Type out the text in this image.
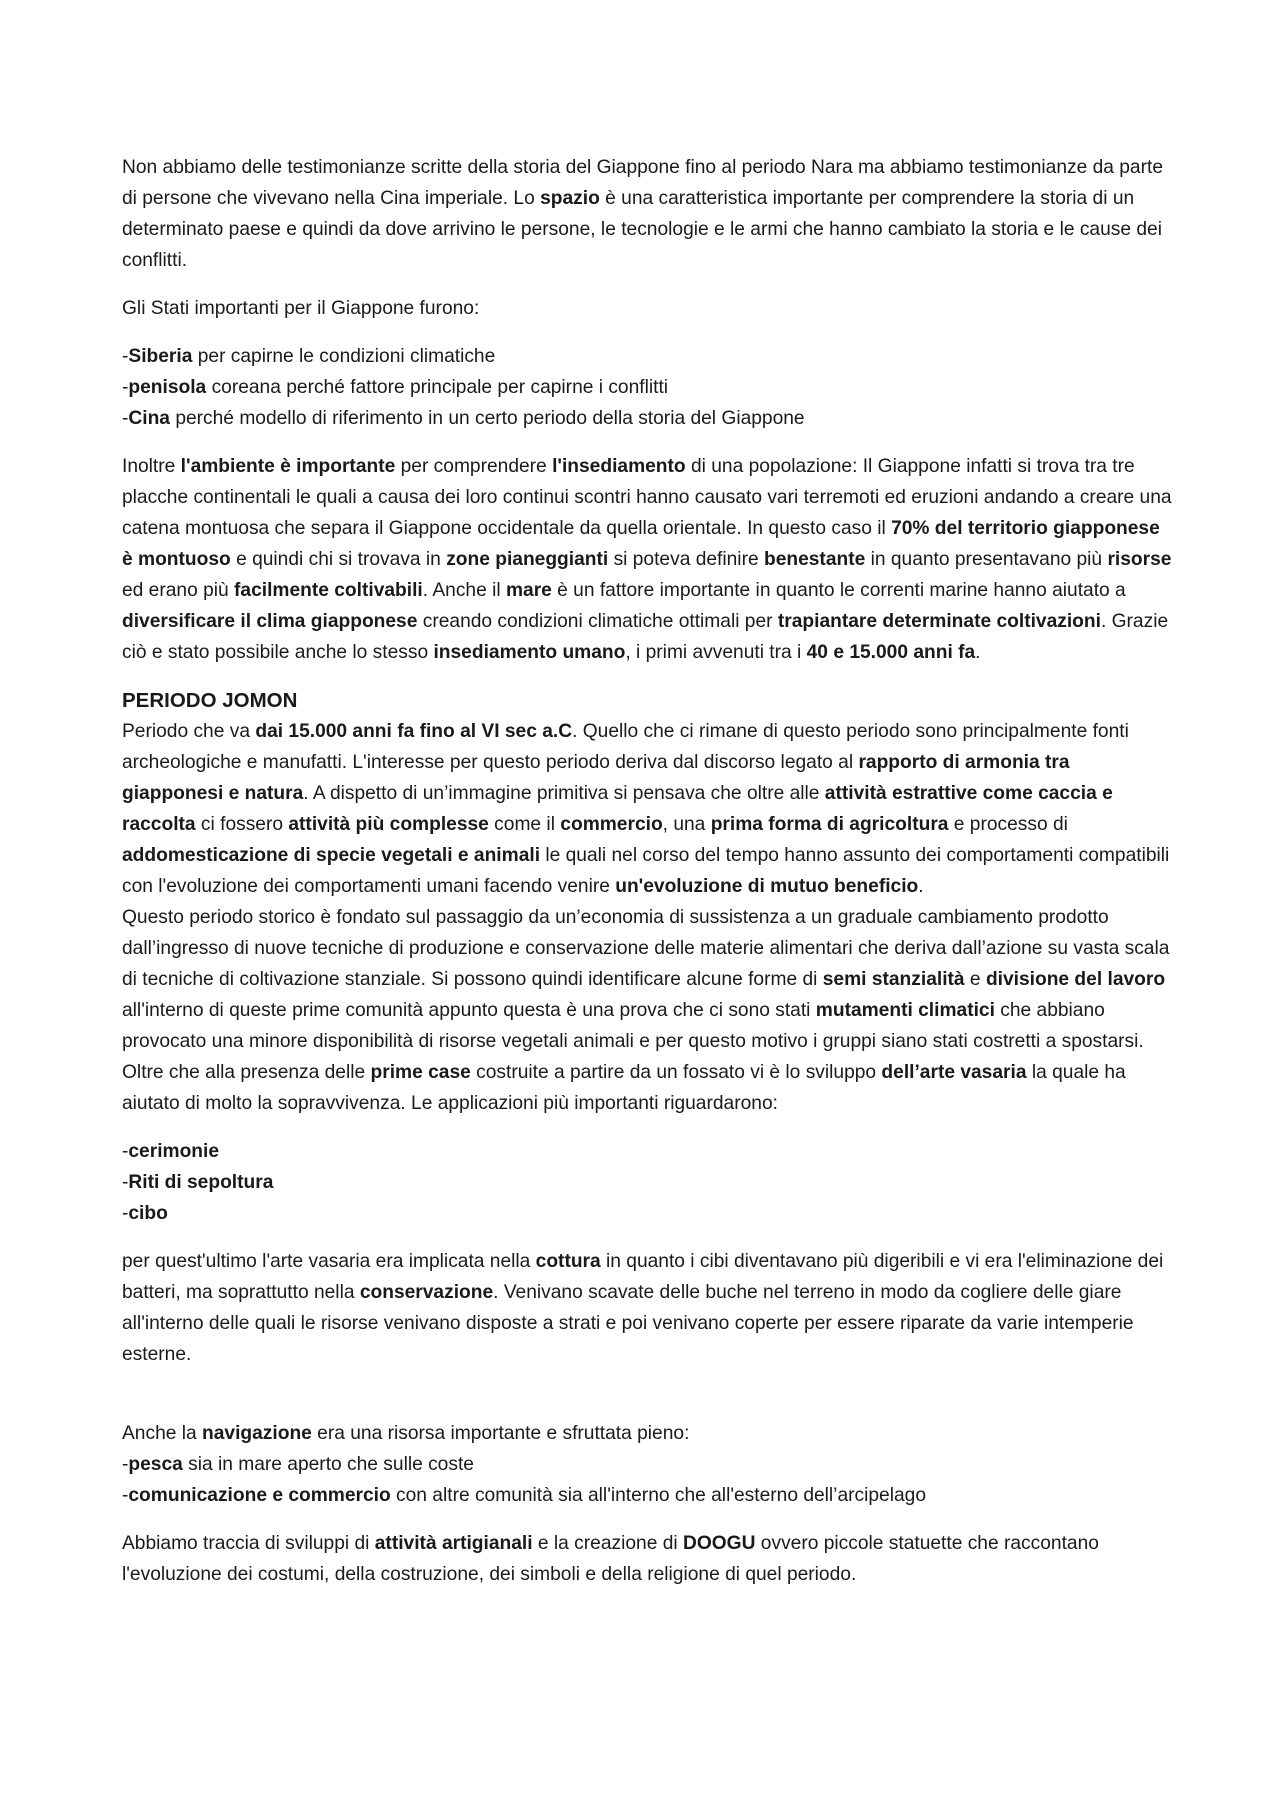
Non abbiamo delle testimonianze scritte della storia del Giappone fino al periodo Nara ma abbiamo testimonianze da parte di persone che vivevano nella Cina imperiale. Lo spazio è una caratteristica importante per comprendere la storia di un determinato paese e quindi da dove arrivino le persone, le tecnologie e le armi che hanno cambiato la storia e le cause dei conflitti.

Gli Stati importanti per il Giappone furono:

-Siberia per capirne le condizioni climatiche
-penisola coreana perché fattore principale per capirne i conflitti
-Cina perché modello di riferimento in un certo periodo della storia del Giappone

Inoltre l'ambiente è importante per comprendere l'insediamento di una popolazione: Il Giappone infatti si trova tra tre placche continentali le quali a causa dei loro continui scontri hanno causato vari terremoti ed eruzioni andando a creare una catena montuosa che separa il Giappone occidentale da quella orientale. In questo caso il 70% del territorio giapponese è montuoso e quindi chi si trovava in zone pianeggianti si poteva definire benestante in quanto presentavano più risorse ed erano più facilmente coltivabili. Anche il mare è un fattore importante in quanto le correnti marine hanno aiutato a diversificare il clima giapponese creando condizioni climatiche ottimali per trapiantare determinate coltivazioni. Grazie ciò e stato possibile anche lo stesso insediamento umano, i primi avvenuti tra i 40 e 15.000 anni fa.

PERIODO JOMON

Periodo che va dai 15.000 anni fa fino al VI sec a.C. Quello che ci rimane di questo periodo sono principalmente fonti archeologiche e manufatti. L'interesse per questo periodo deriva dal discorso legato al rapporto di armonia tra giapponesi e natura. A dispetto di un’immagine primitiva si pensava che oltre alle attività estrattive come caccia e raccolta ci fossero attività più complesse come il commercio, una prima forma di agricoltura e processo di addomesticazione di specie vegetali e animali le quali nel corso del tempo hanno assunto dei comportamenti compatibili con l'evoluzione dei comportamenti umani facendo venire un'evoluzione di mutuo beneficio.

Questo periodo storico è fondato sul passaggio da un’economia di sussistenza a un graduale cambiamento prodotto dall’ingresso di nuove tecniche di produzione e conservazione delle materie alimentari che deriva dall’azione su vasta scala di tecniche di coltivazione stanziale. Si possono quindi identificare alcune forme di semi stanzialità e divisione del lavoro all'interno di queste prime comunità appunto questa è una prova che ci sono stati mutamenti climatici che abbiano provocato una minore disponibilità di risorse vegetali animali e per questo motivo i gruppi siano stati costretti a spostarsi.

Oltre che alla presenza delle prime case costruite a partire da un fossato vi è lo sviluppo dell’arte vasaria la quale ha aiutato di molto la sopravvivenza. Le applicazioni più importanti riguardarono:

-cerimonie
-Riti di sepoltura
-cibo

per quest'ultimo l'arte vasaria era implicata nella cottura in quanto i cibi diventavano più digeribili e vi era l'eliminazione dei batteri, ma soprattutto nella conservazione. Venivano scavate delle buche nel terreno in modo da cogliere delle giare all'interno delle quali le risorse venivano disposte a strati e poi venivano coperte per essere riparate da varie intemperie esterne.

Anche la navigazione era una risorsa importante e sfruttata pieno:

-pesca sia in mare aperto che sulle coste
-comunicazione e commercio con altre comunità sia all'interno che all'esterno dell’arcipelago

Abbiamo traccia di sviluppi di attività artigianali e la creazione di DOOGU ovvero piccole statuette che raccontano l'evoluzione dei costumi, della costruzione, dei simboli e della religione di quel periodo.
